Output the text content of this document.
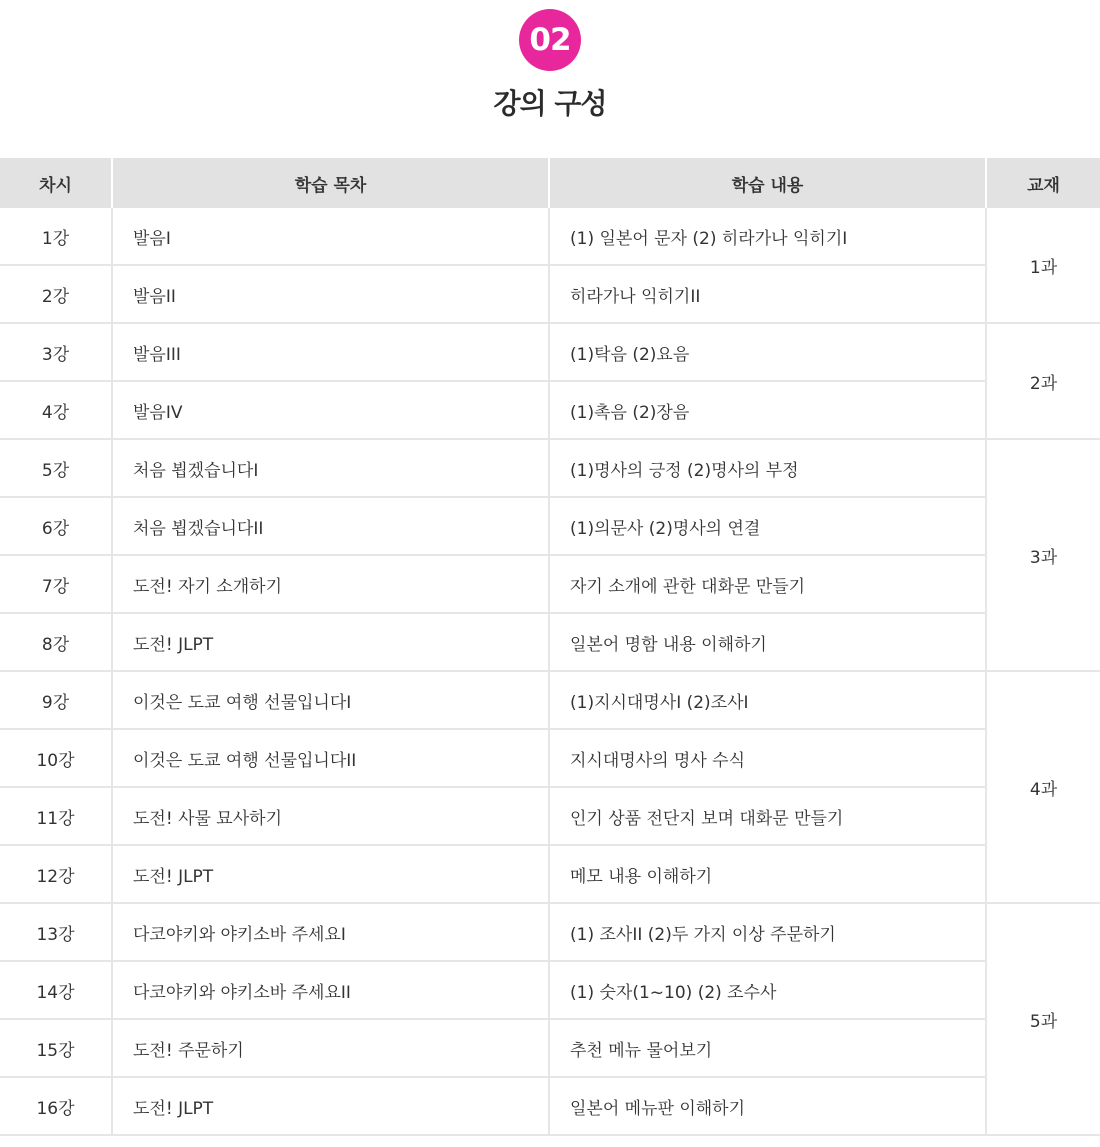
02
강의 구성
차시	학습 목차	학습 내용	교재
1강	발음Ⅰ	(1) 일본어 문자 (2) 히라가나 익히기Ⅰ	1과
2강	발음II	히라가나 익히기II	
3강	발음III	(1)탁음 (2)요음	2과
4강	발음IV	(1)촉음 (2)장음	
5강	처음 뵙겠습니다Ⅰ	(1)명사의 긍정 (2)명사의 부정	3과
6강	처음 뵙겠습니다II	(1)의문사 (2)명사의 연결	
7강	도전! 자기 소개하기	자기 소개에 관한 대화문 만들기	
8강	도전! JLPT	일본어 명함 내용 이해하기	
9강	이것은 도쿄 여행 선물입니다Ⅰ	(1)지시대명사Ⅰ (2)조사Ⅰ	4과
10강	이것은 도쿄 여행 선물입니다II	지시대명사의 명사 수식	
11강	도전! 사물 묘사하기	인기 상품 전단지 보며 대화문 만들기	
12강	도전! JLPT	메모 내용 이해하기	
13강	다코야키와 야키소바 주세요Ⅰ	(1) 조사II (2)두 가지 이상 주문하기	5과
14강	다코야키와 야키소바 주세요II	(1) 숫자(1~10) (2) 조수사	
15강	도전! 주문하기	추천 메뉴 물어보기	
16강	도전! JLPT	일본어 메뉴판 이해하기	
